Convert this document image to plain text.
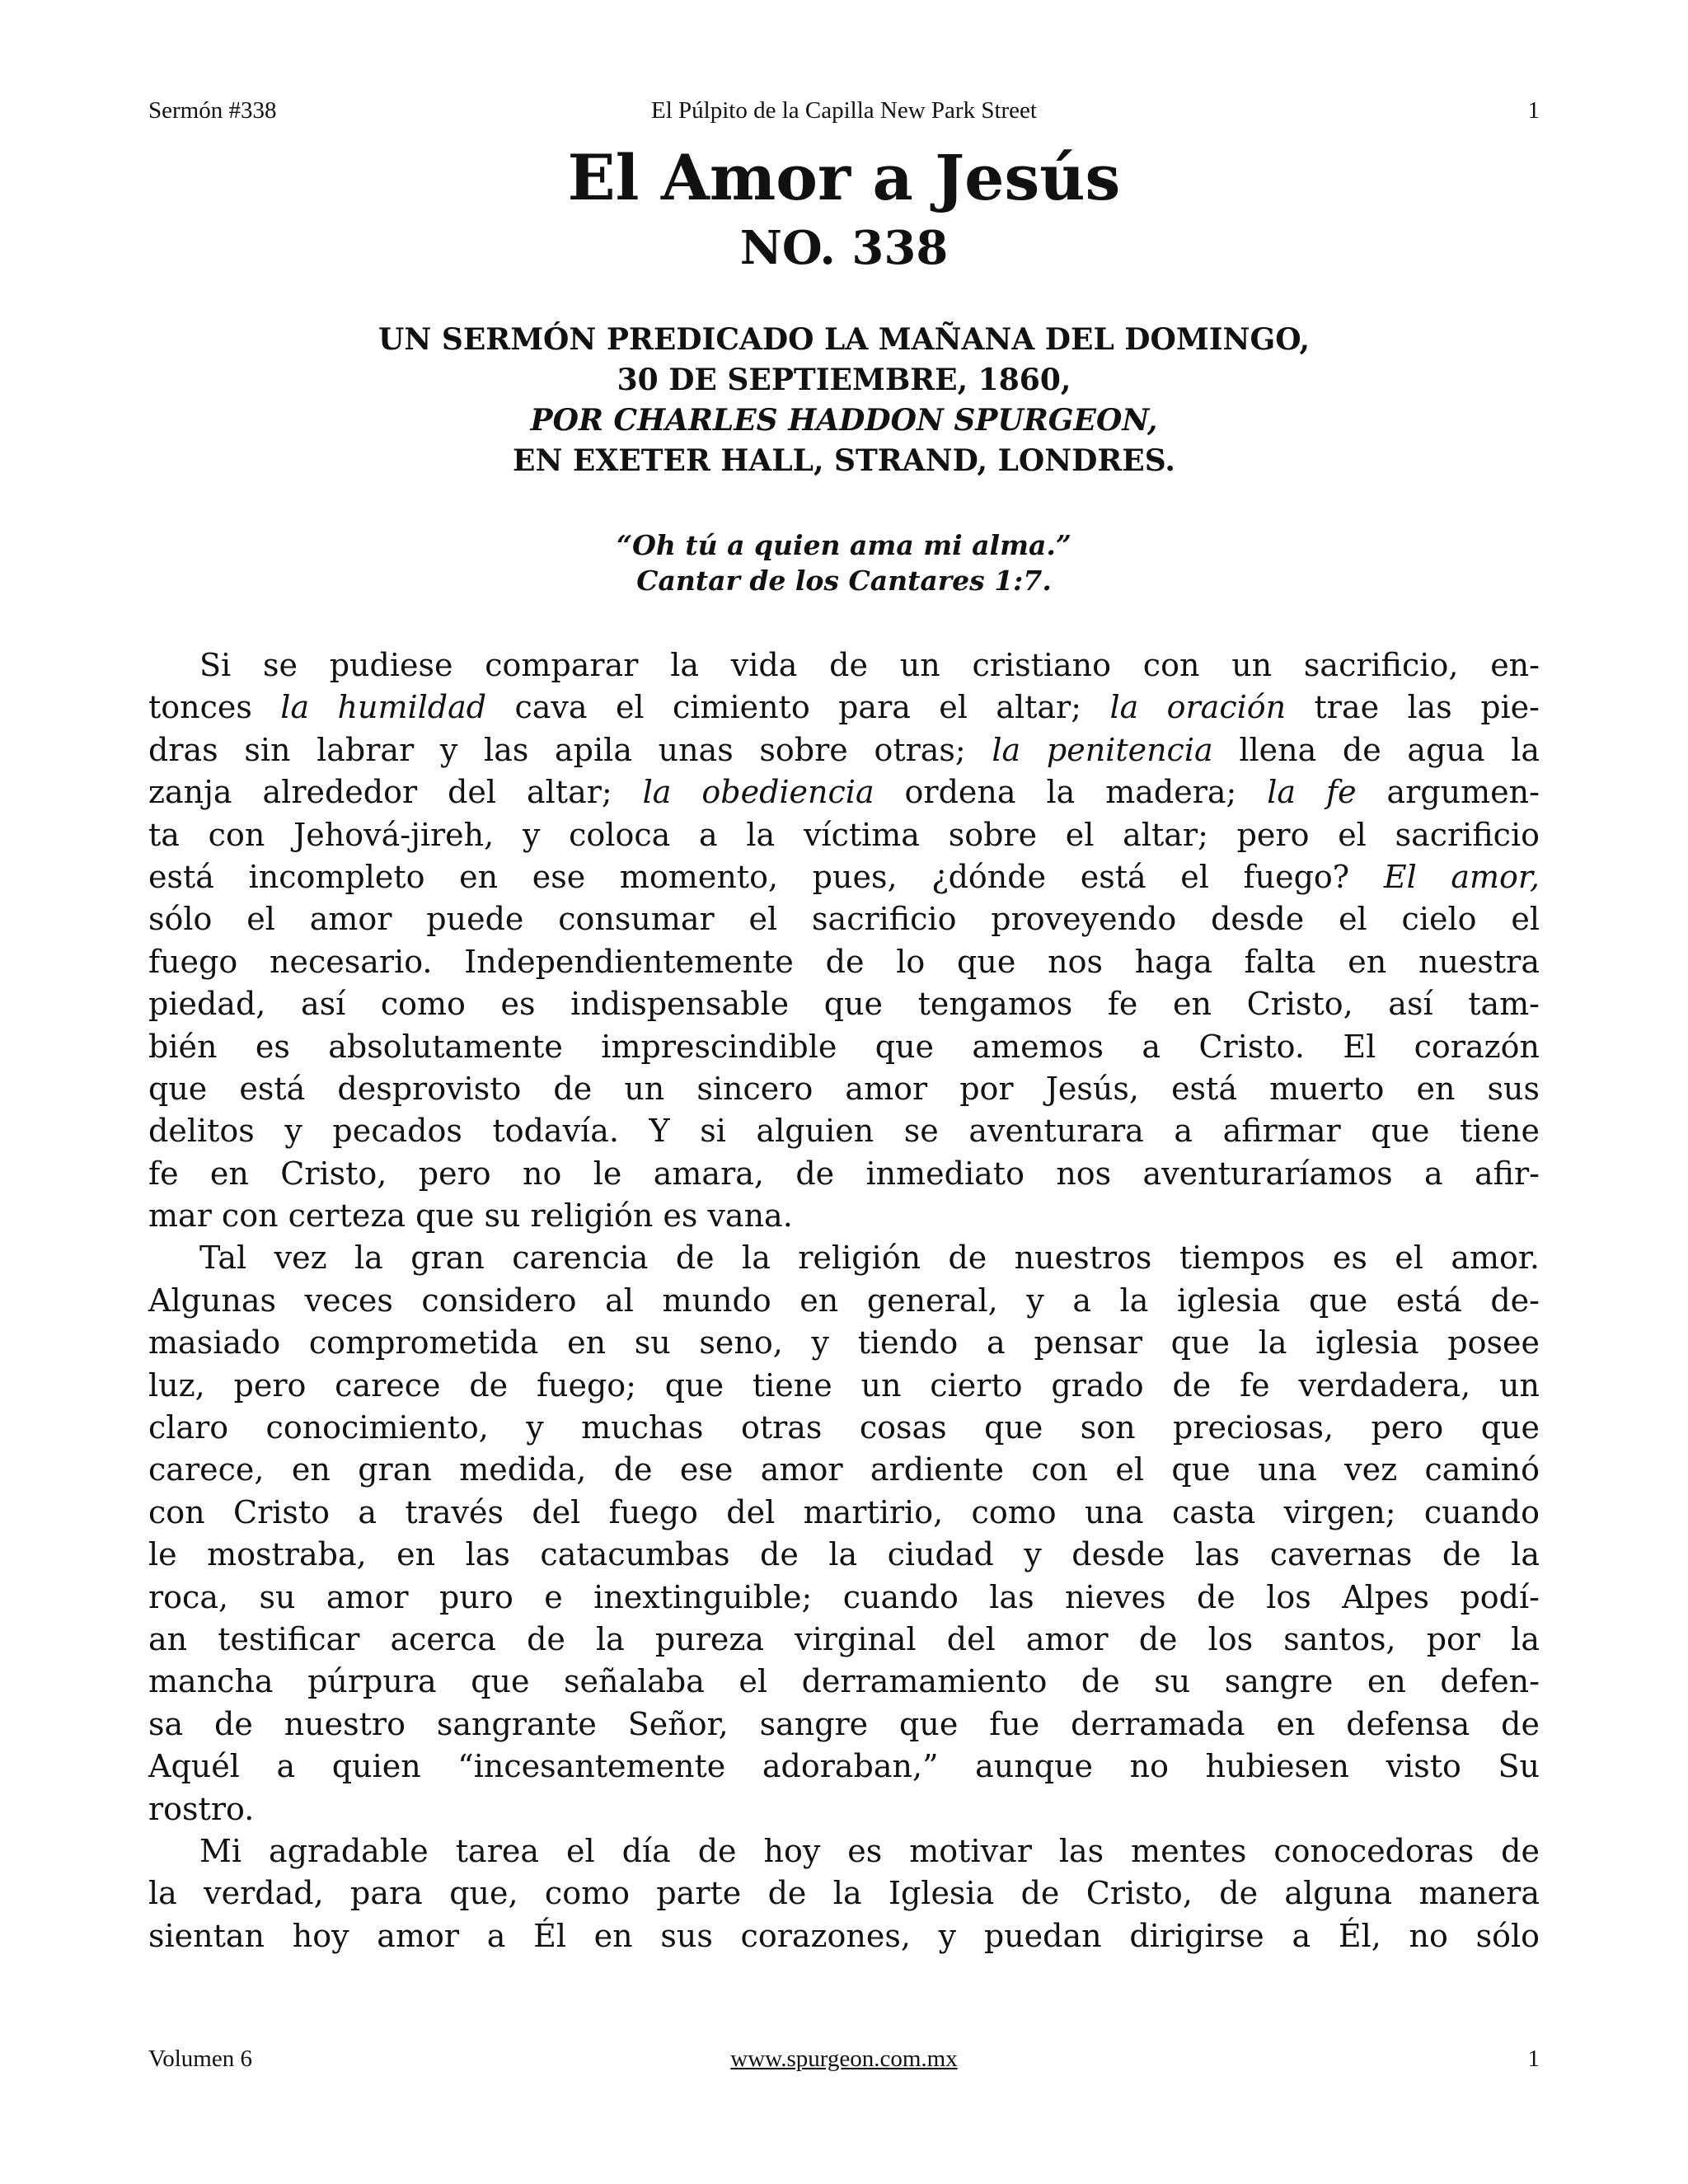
Sermón #338	El Púlpito de la Capilla New Park Street	1
El Amor a Jesús
NO. 338
UN SERMÓN PREDICADO LA MAÑANA DEL DOMINGO,
30 DE SEPTIEMBRE, 1860,
POR CHARLES HADDON SPURGEON,
EN EXETER HALL, STRAND, LONDRES.
“Oh tú a quien ama mi alma.”
Cantar de los Cantares 1:7.
Si se pudiese comparar la vida de un cristiano con un sacrificio, en-
tonces la humildad cava el cimiento para el altar; la oración trae las pie-
dras sin labrar y las apila unas sobre otras; la penitencia llena de agua la
zanja alrededor del altar; la obediencia ordena la madera; la fe argumen-
ta con Jehová-jireh, y coloca a la víctima sobre el altar; pero el sacrificio
está incompleto en ese momento, pues, ¿dónde está el fuego? El amor,
sólo el amor puede consumar el sacrificio proveyendo desde el cielo el
fuego necesario. Independientemente de lo que nos haga falta en nuestra
piedad, así como es indispensable que tengamos fe en Cristo, así tam-
bién es absolutamente imprescindible que amemos a Cristo. El corazón
que está desprovisto de un sincero amor por Jesús, está muerto en sus
delitos y pecados todavía. Y si alguien se aventurara a afirmar que tiene
fe en Cristo, pero no le amara, de inmediato nos aventuraríamos a afir-
mar con certeza que su religión es vana.
Tal vez la gran carencia de la religión de nuestros tiempos es el amor.
Algunas veces considero al mundo en general, y a la iglesia que está de-
masiado comprometida en su seno, y tiendo a pensar que la iglesia posee
luz, pero carece de fuego; que tiene un cierto grado de fe verdadera, un
claro conocimiento, y muchas otras cosas que son preciosas, pero que
carece, en gran medida, de ese amor ardiente con el que una vez caminó
con Cristo a través del fuego del martirio, como una casta virgen; cuando
le mostraba, en las catacumbas de la ciudad y desde las cavernas de la
roca, su amor puro e inextinguible; cuando las nieves de los Alpes podí-
an testificar acerca de la pureza virginal del amor de los santos, por la
mancha púrpura que señalaba el derramamiento de su sangre en defen-
sa de nuestro sangrante Señor, sangre que fue derramada en defensa de
Aquél a quien “incesantemente adoraban,” aunque no hubiesen visto Su
rostro.
Mi agradable tarea el día de hoy es motivar las mentes conocedoras de
la verdad, para que, como parte de la Iglesia de Cristo, de alguna manera
sientan hoy amor a Él en sus corazones, y puedan dirigirse a Él, no sólo
Volumen 6	www.spurgeon.com.mx	1
